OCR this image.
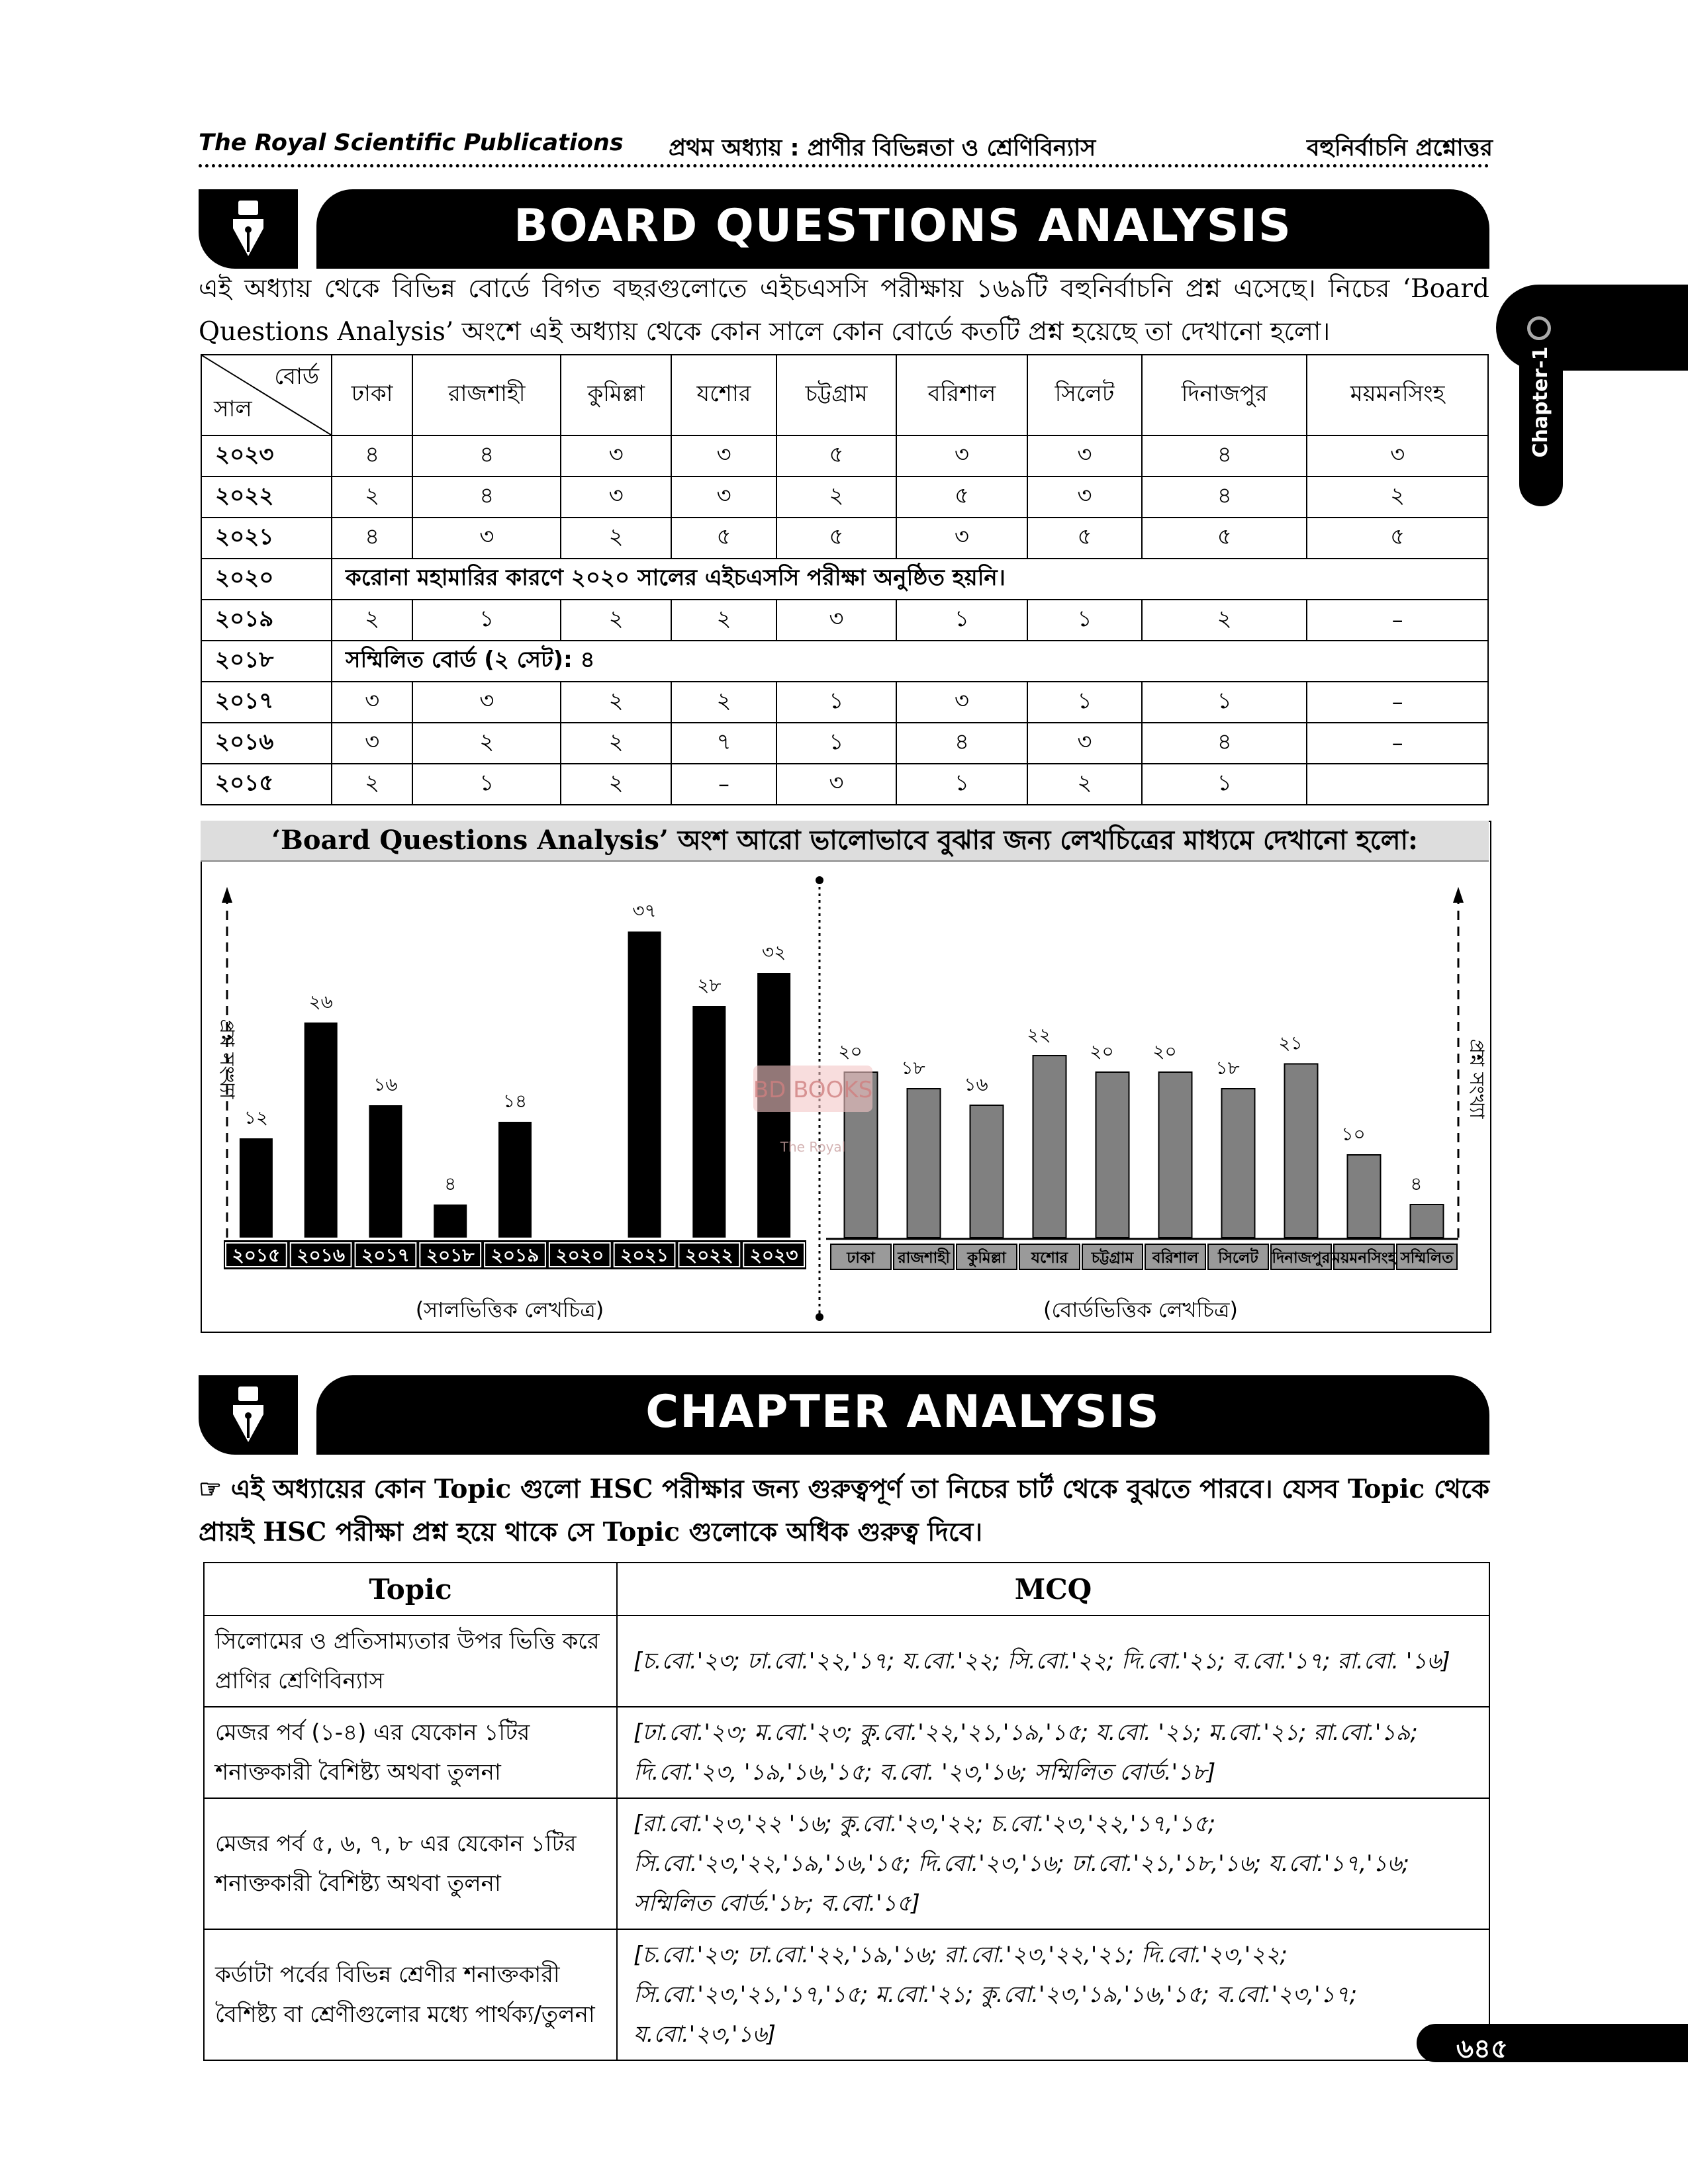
The Royal Scientific Publications প্রথম অধ্যায় : প্রাণীর বিভিন্নতা ও শ্রেণিবিন্যাস	বহুনির্বাচনি প্রশ্নোত্তর
Chapter-1
BOARD QUESTIONS ANALYSIS
এই অধ্যায় থেকে বিভিন্ন বোর্ডে বিগত বছরগুলোতে এইচএসসি পরীক্ষায় ১৬৯টি বহুনির্বাচনি প্রশ্ন এসেছে। নিচের ‘Board Questions Analysis’ অংশে এই অধ্যায় থেকে কোন সালে কোন বোর্ডে কতটি প্রশ্ন হয়েছে তা দেখানো হলো।
বোর্ড
সাল	ঢাকা	রাজশাহী	কুমিল্লা	যশোর	চট্টগ্রাম	বরিশাল	সিলেট	দিনাজপুর	ময়মনসিংহ
২০২৩	৪	৪	৩	৩	৫	৩	৩	৪	৩
২০২২	২	৪	৩	৩	২	৫	৩	৪	২
২০২১	৪	৩	২	৫	৫	৩	৫	৫	৫
২০২০	করোনা মহামারির কারণে ২০২০ সালের এইচএসসি পরীক্ষা অনুষ্ঠিত হয়নি।								
২০১৯	২	১	২	২	৩	১	১	২	–
২০১৮	সম্মিলিত বোর্ড (২ সেট): ৪								
২০১৭	৩	৩	২	২	১	৩	১	১	–
২০১৬	৩	২	২	৭	১	৪	৩	৪	–
২০১৫	২	১	২	–	৩	১	২	১	
‘Board Questions Analysis’ অংশ আরো ভালোভাবে বুঝার জন্য লেখচিত্রের মাধ্যমে দেখানো হলো:
প্রশ্ন সংখ্যা
১২
২০১৫
২৬
২০১৬
১৬
২০১৭
৪
২০১৮
১৪
২০১৯ ২০২০
৩৭
২০২১
২৮
২০২২
৩২
২০২৩
(সালভিত্তিক লেখচিত্র)
প্রশ্ন সংখ্যা
২০
ঢাকা
১৮
রাজশাহী
১৬
কুমিল্লা
২২
যশোর
২০
চট্টগ্রাম
২০
বরিশাল
১৮
সিলেট
২১
দিনাজপুর
১০
ময়মনসিংহ
৪
সম্মিলিত
(বোর্ডভিত্তিক লেখচিত্র)
BD BOOKS
The Royal
CHAPTER ANALYSIS
☞ এই অধ্যায়ের কোন Topic গুলো HSC পরীক্ষার জন্য গুরুত্বপূর্ণ তা নিচের চার্ট থেকে বুঝতে পারবে। যেসব Topic থেকে প্রায়ই HSC পরীক্ষা প্রশ্ন হয়ে থাকে সে Topic গুলোকে অধিক গুরুত্ব দিবে।
Topic	MCQ
সিলোমের ও প্রতিসাম্যতার উপর ভিত্তি করে প্রাণির শ্রেণিবিন্যাস	[চ.বো.'২৩; ঢা.বো.'২২,'১৭; য.বো.'২২; সি.বো.'২২; দি.বো.'২১; ব.বো.'১৭; রা.বো. '১৬]
মেজর পর্ব (১-৪) এর যেকোন ১টির শনাক্তকারী বৈশিষ্ট্য অথবা তুলনা	[ঢা.বো.'২৩; ম.বো.'২৩; কু.বো.'২২,'২১,'১৯,'১৫; য.বো. '২১; ম.বো.'২১; রা.বো.'১৯; দি.বো.'২৩, '১৯,'১৬,'১৫; ব.বো. '২৩,'১৬; সম্মিলিত বোর্ড.'১৮]
মেজর পর্ব ৫, ৬, ৭, ৮ এর যেকোন ১টির শনাক্তকারী বৈশিষ্ট্য অথবা তুলনা	[রা.বো.'২৩,'২২ '১৬; কু.বো.'২৩,'২২; চ.বো.'২৩,'২২,'১৭,'১৫; সি.বো.'২৩,'২২,'১৯,'১৬,'১৫; দি.বো.'২৩,'১৬; ঢা.বো.'২১,'১৮,'১৬; য.বো.'১৭,'১৬; সম্মিলিত বোর্ড.'১৮; ব.বো.'১৫]
কর্ডাটা পর্বের বিভিন্ন শ্রেণীর শনাক্তকারী বৈশিষ্ট্য বা শ্রেণীগুলোর মধ্যে পার্থক্য/তুলনা	[চ.বো.'২৩; ঢা.বো.'২২,'১৯,'১৬; রা.বো.'২৩,'২২,'২১; দি.বো.'২৩,'২২; সি.বো.'২৩,'২১,'১৭,'১৫; ম.বো.'২১; কু.বো.'২৩,'১৯,'১৬,'১৫; ব.বো.'২৩,'১৭; য.বো.'২৩,'১৬]	৬৪৫
